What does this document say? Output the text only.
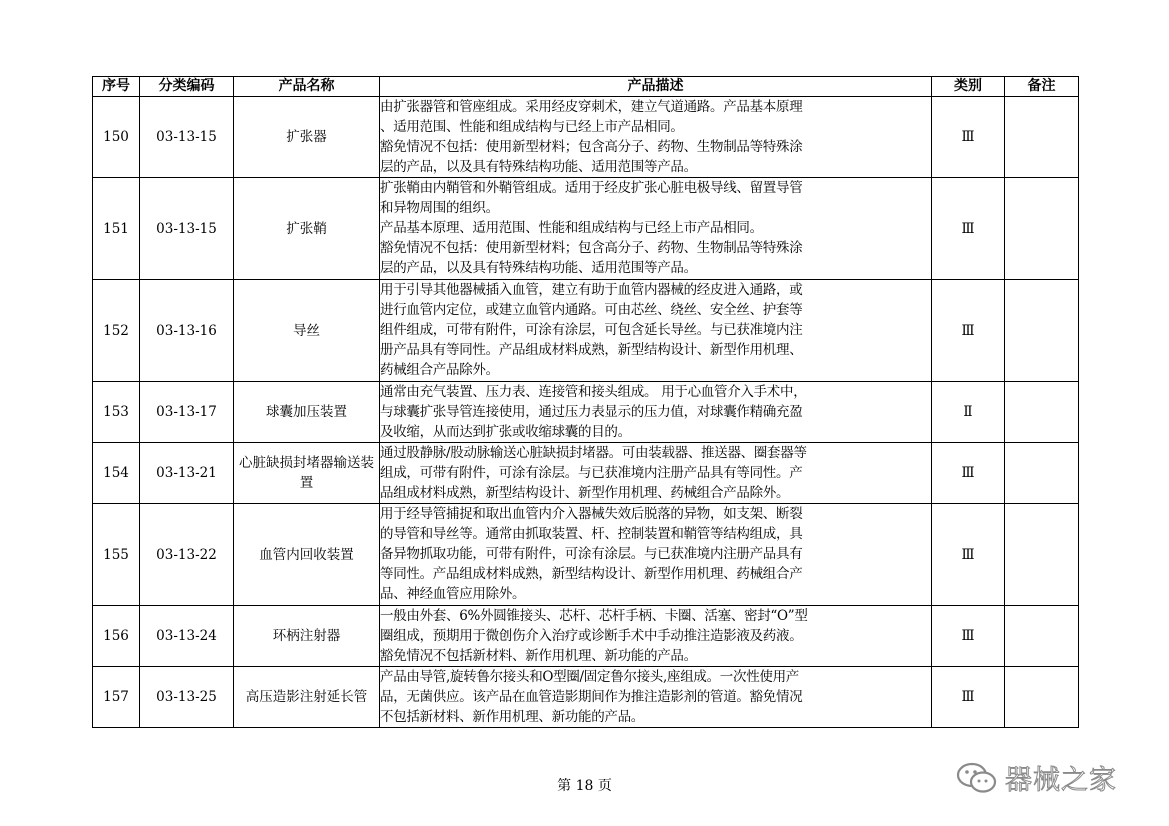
序号	分类编码	产品名称	产品描述	类别	备注
150	03-13-15	扩张器	由扩张器管和管座组成。采用经皮穿刺术，建立气道通路。产品基本原理
、适用范围、性能和组成结构与已经上市产品相同。
豁免情况不包括：使用新型材料；包含高分子、药物、生物制品等特殊涂
层的产品，以及具有特殊结构功能、适用范围等产品。	Ⅲ	
151	03-13-15	扩张鞘	扩张鞘由内鞘管和外鞘管组成。适用于经皮扩张心脏电极导线、留置导管
和异物周围的组织。
产品基本原理、适用范围、性能和组成结构与已经上市产品相同。
豁免情况不包括：使用新型材料；包含高分子、药物、生物制品等特殊涂
层的产品，以及具有特殊结构功能、适用范围等产品。	Ⅲ	
152	03-13-16	导丝	用于引导其他器械插入血管，建立有助于血管内器械的经皮进入通路，或
进行血管内定位，或建立血管内通路。可由芯丝、绕丝、安全丝、护套等
组件组成，可带有附件，可涂有涂层，可包含延长导丝。与已获准境内注
册产品具有等同性。产品组成材料成熟，新型结构设计、新型作用机理、
药械组合产品除外。	Ⅲ	
153	03-13-17	球囊加压装置	通常由充气装置、压力表、连接管和接头组成。 用于心血管介入手术中，
与球囊扩张导管连接使用，通过压力表显示的压力值，对球囊作精确充盈
及收缩，从而达到扩张或收缩球囊的目的。	Ⅱ	
154	03-13-21	心脏缺损封堵器输送装置	通过股静脉/股动脉输送心脏缺损封堵器。可由装载器、推送器、圈套器等
组成，可带有附件，可涂有涂层。与已获准境内注册产品具有等同性。产
品组成材料成熟，新型结构设计、新型作用机理、药械组合产品除外。	Ⅲ	
155	03-13-22	血管内回收装置	用于经导管捕捉和取出血管内介入器械失效后脱落的异物，如支架、断裂
的导管和导丝等。通常由抓取装置、杆、控制装置和鞘管等结构组成，具
备异物抓取功能，可带有附件，可涂有涂层。与已获准境内注册产品具有
等同性。产品组成材料成熟，新型结构设计、新型作用机理、药械组合产
品、神经血管应用除外。	Ⅲ	
156	03-13-24	环柄注射器	一般由外套、6%外圆锥接头、芯杆、芯杆手柄、卡圈、活塞、密封“O”型
圈组成，预期用于微创伤介入治疗或诊断手术中手动推注造影液及药液。
豁免情况不包括新材料、新作用机理、新功能的产品。	Ⅲ	
157	03-13-25	高压造影注射延长管	产品由导管,旋转鲁尔接头和O型圈/固定鲁尔接头,座组成。一次性使用产
品，无菌供应。该产品在血管造影期间作为推注造影剂的管道。豁免情况
不包括新材料、新作用机理、新功能的产品。	Ⅲ	
第 18 页	器械之家
